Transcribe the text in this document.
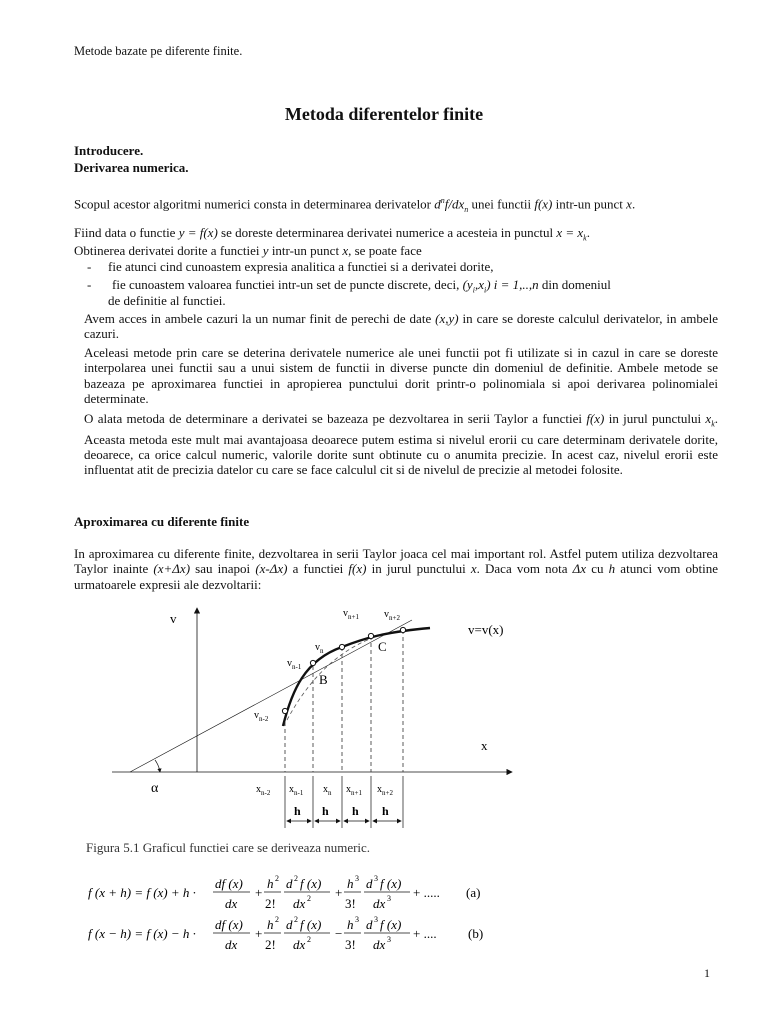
Metode bazate pe diferente finite.
Metoda diferentelor finite
Introducere.
Derivarea numerica.
Scopul acestor algoritmi numerici consta in determinarea derivatelor $d^nf/dx_n$ unei functii f(x) intr-un punct x.
Fiind data o functie y = f(x) se doreste determinarea derivatei numerice a acesteia in punctul $x = x_k$.
Obtinerea derivatei dorite a functiei y intr-un punct x, se poate face
- fie atunci cind cunoastem expresia analitica a functiei si a derivatei dorite,
- fie cunoastem valoarea functiei intr-un set de puncte discrete, deci, $(y_i,x_i) i = 1,..,n$ din domeniul
de definitie al functiei.
Avem acces in ambele cazuri la un numar finit de perechi de date (x,y) in care se doreste calculul derivatelor, in ambele cazuri.
Aceleasi metode prin care se deterina derivatele numerice ale unei functii pot fi utilizate si in cazul in care se doreste interpolarea unei functii sau a unui sistem de functii in diverse puncte din domeniul de definitie. Ambele metode se bazeaza pe aproximarea functiei in apropierea punctului dorit printr-o polinomiala si apoi derivarea polinomialei determinate.
O alata metoda de determinare a derivatei se bazeaza pe dezvoltarea in serii Taylor a functiei f(x) in jurul punctului $x_k$. Aceasta metoda este mult mai avantajoasa deoarece putem estima si nivelul erorii cu care determinam derivatele dorite, deoarece, ca orice calcul numeric, valorile dorite sunt obtinute cu o anumita precizie. In acest caz, nivelul erorii este influentat atit de precizia datelor cu care se face calculul cit si de nivelul de precizie al metodei folosite.
Aproximarea cu diferente finite
In aproximarea cu diferente finite, dezvoltarea in serii Taylor joaca cel mai important rol. Astfel putem utiliza dezvoltarea Taylor inainte (x+Δx) sau inapoi (x-Δx) a functiei f(x) in jurul punctului x. Daca vom nota Δx cu h atunci vom obtine urmatoarele expresii ale dezvoltarii:
v
x
v=v(x)
B
C
α
$v_{n-2}$
$v_{n-1}$
$v_n$
$v_{n+1}$	$v_{n+2}$
$x_{n-2}$ $x_{n-1}$ $x_n$ $x_{n+1}$ $x_{n+2}$
h h h h
Figura 5.1 Graficul functiei care se deriveaza numeric.
f (x + h) = f (x) + h ·
df (x)
dx
+
h 2
2!
d 2 f (x)
dx 2 +
h 3
3!
d 3 f (x)
dx 3 + ..... (a)
f (x − h) = f (x) − h ·
df (x)
dx
+
h 2
2!
d 2 f (x)
dx 2 −
h 3
3!
d 3 f (x)
dx 3 + .... (b)
1
